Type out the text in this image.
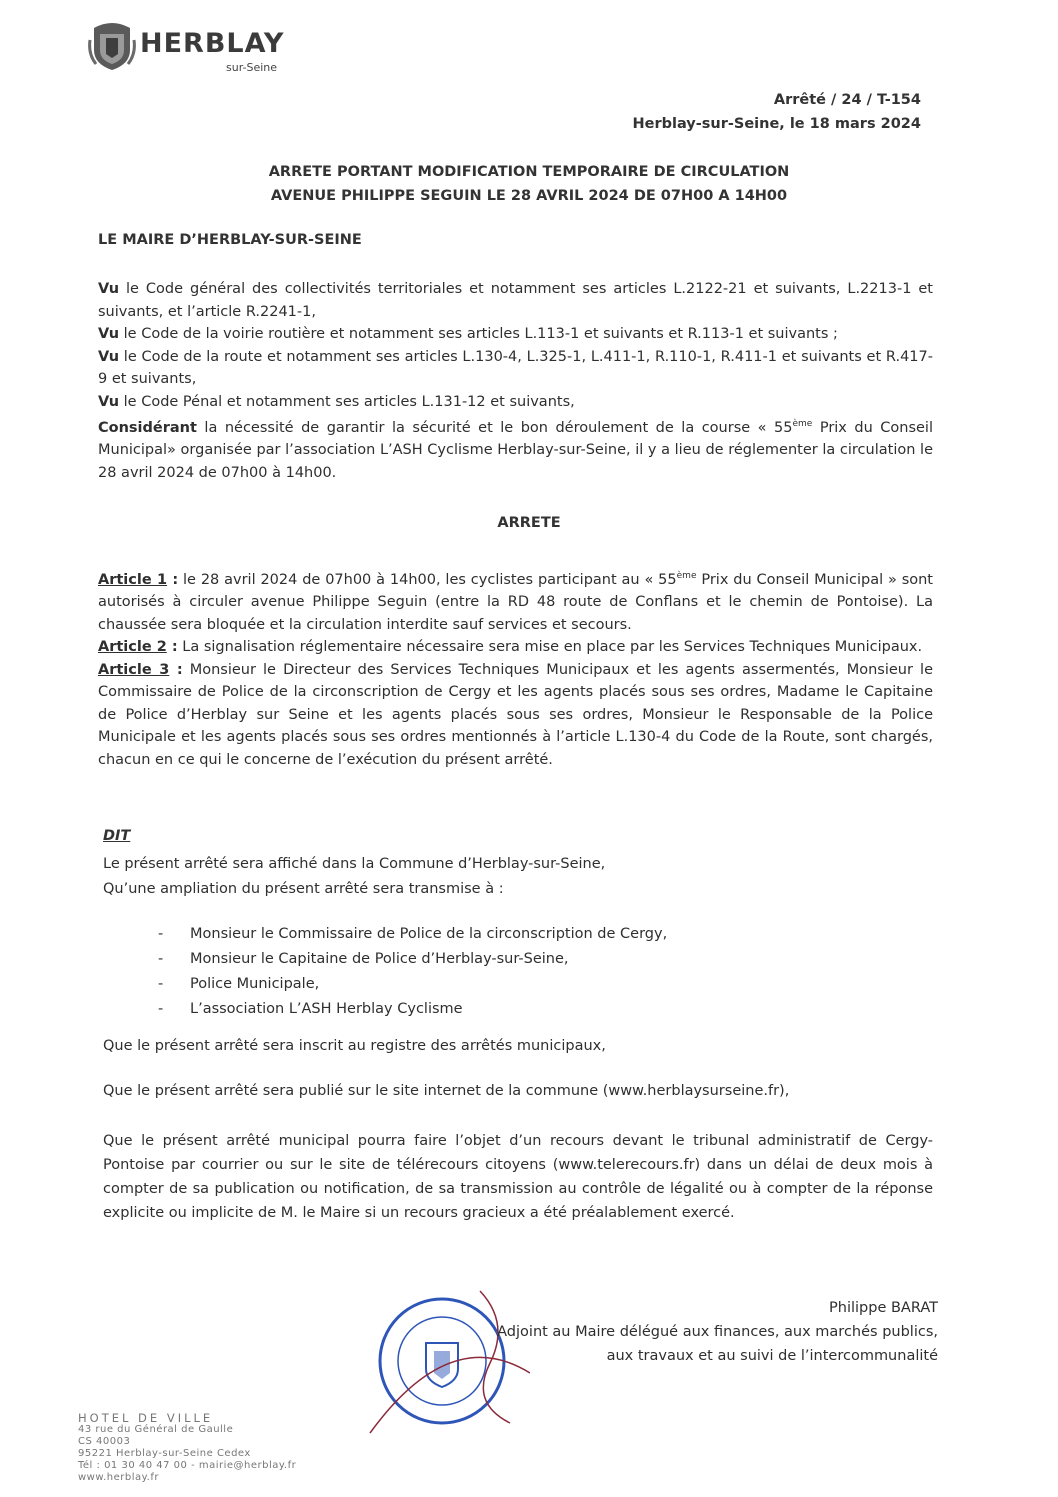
HERBLAY
sur-Seine
Arrêté / 24 / T-154
Herblay-sur-Seine, le 18 mars 2024
ARRETE PORTANT MODIFICATION TEMPORAIRE DE CIRCULATION
AVENUE PHILIPPE SEGUIN LE 28 AVRIL 2024 DE 07H00 A 14H00
LE MAIRE D’HERBLAY-SUR-SEINE

Vu le Code général des collectivités territoriales et notamment ses articles L.2122-21 et suivants, L.2213-1 et suivants, et l’article R.2241-1,

Vu le Code de la voirie routière et notamment ses articles L.113-1 et suivants et R.113-1 et suivants ;

Vu le Code de la route et notamment ses articles L.130-4, L.325-1, L.411-1, R.110-1, R.411-1 et suivants et R.417-9 et suivants,

Vu le Code Pénal et notamment ses articles L.131-12 et suivants,

Considérant la nécessité de garantir la sécurité et le bon déroulement de la course « 55ème Prix du Conseil Municipal» organisée par l’association L’ASH Cyclisme Herblay-sur-Seine, il y a lieu de réglementer la circulation le 28 avril 2024 de 07h00 à 14h00.

ARRETE

Article 1 : le 28 avril 2024 de 07h00 à 14h00, les cyclistes participant au « 55ème Prix du Conseil Municipal » sont autorisés à circuler avenue Philippe Seguin (entre la RD 48 route de Conflans et le chemin de Pontoise). La chaussée sera bloquée et la circulation interdite sauf services et secours.

Article 2 : La signalisation réglementaire nécessaire sera mise en place par les Services Techniques Municipaux.

Article 3 : Monsieur le Directeur des Services Techniques Municipaux et les agents assermentés, Monsieur le Commissaire de Police de la circonscription de Cergy et les agents placés sous ses ordres, Madame le Capitaine de Police d’Herblay sur Seine et les agents placés sous ses ordres, Monsieur le Responsable de la Police Municipale et les agents placés sous ses ordres mentionnés à l’article L.130-4 du Code de la Route, sont chargés, chacun en ce qui le concerne de l’exécution du présent arrêté.

DIT

Le présent arrêté sera affiché dans la Commune d’Herblay-sur-Seine,

Qu’une ampliation du présent arrêté sera transmise à :

-	Monsieur le Commissaire de Police de la circonscription de Cergy,
-	Monsieur le Capitaine de Police d’Herblay-sur-Seine,
-	Police Municipale,
-	L’association L’ASH Herblay Cyclisme
Que le présent arrêté sera inscrit au registre des arrêtés municipaux,
Que le présent arrêté sera publié sur le site internet de la commune (www.herblaysurseine.fr),
Que le présent arrêté municipal pourra faire l’objet d’un recours devant le tribunal administratif de Cergy-Pontoise par courrier ou sur le site de télérecours citoyens (www.telerecours.fr) dans un délai de deux mois à compter de sa publication ou notification, de sa transmission au contrôle de légalité ou à compter de la réponse explicite ou implicite de M. le Maire si un recours gracieux a été préalablement exercé.
Philippe BARAT
Adjoint au Maire délégué aux finances, aux marchés publics,
aux travaux et au suivi de l’intercommunalité
HOTEL DE VILLE
43 rue du Général de Gaulle
CS 40003
95221 Herblay-sur-Seine Cedex
Tél : 01 30 40 47 00 - mairie@herblay.fr
www.herblay.fr
